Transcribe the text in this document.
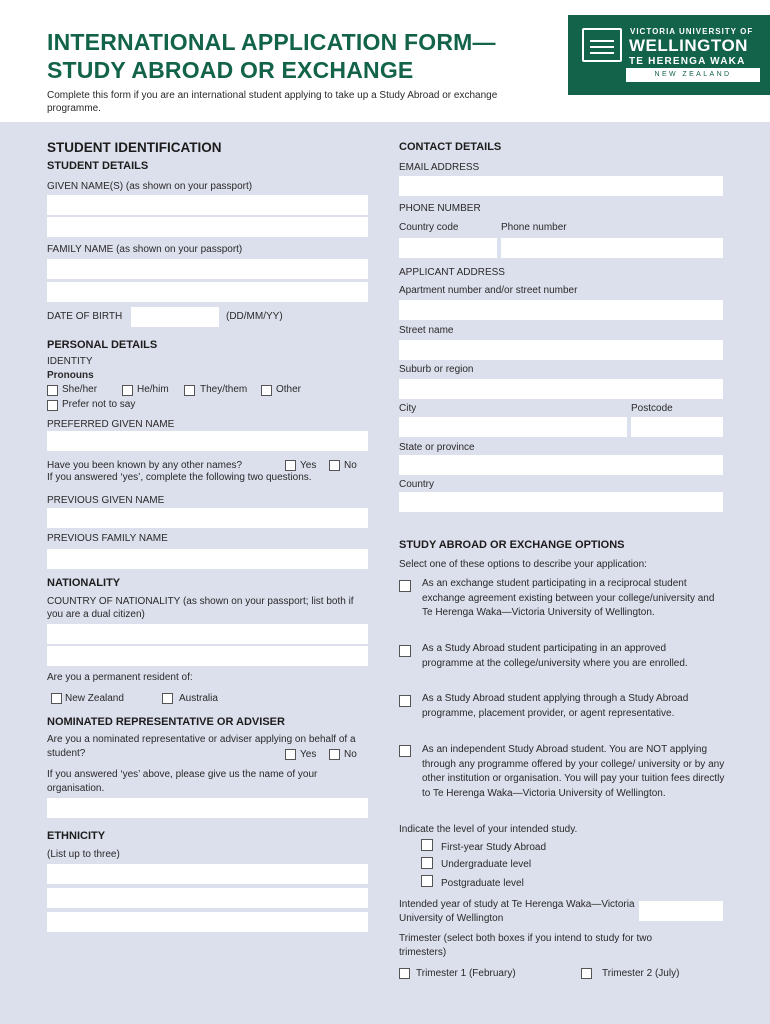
INTERNATIONAL APPLICATION FORM—
STUDY ABROAD OR EXCHANGE
Complete this form if you are an international student applying to take up a Study Abroad or exchange programme.
VICTORIA UNIVERSITY OF
WELLINGTON
TE HERENGA WAKA
NEW ZEALAND
STUDENT IDENTIFICATION
STUDENT DETAILS
GIVEN NAME(S) (as shown on your passport)
FAMILY NAME (as shown on your passport)
DATE OF BIRTH	(DD/MM/YY)
PERSONAL DETAILS
IDENTITY
Pronouns
She/her	He/him	They/them	Other
Prefer not to say
PREFERRED GIVEN NAME
Have you been known by any other names?	Yes	No
If you answered ‘yes’, complete the following two questions.
PREVIOUS GIVEN NAME
PREVIOUS FAMILY NAME
NATIONALITY
COUNTRY OF NATIONALITY (as shown on your passport; list both if you are a dual citizen)
Are you a permanent resident of:
New Zealand	Australia
NOMINATED REPRESENTATIVE OR ADVISER
Are you a nominated representative or adviser applying on behalf of a student?	Yes	No
If you answered ‘yes’ above, please give us the name of your organisation.
ETHNICITY
(List up to three)
CONTACT DETAILS
EMAIL ADDRESS
PHONE NUMBER
Country code	Phone number
APPLICANT ADDRESS
Apartment number and/or street number
Street name
Suburb or region
City	Postcode
State or province
Country
STUDY ABROAD OR EXCHANGE OPTIONS
Select one of these options to describe your application:
As an exchange student participating in a reciprocal student exchange agreement existing between your college/university and Te Herenga Waka—Victoria University of Wellington.
As a Study Abroad student participating in an approved programme at the college/university where you are enrolled.
As a Study Abroad student applying through a Study Abroad programme, placement provider, or agent representative.
As an independent Study Abroad student. You are NOT applying through any programme offered by your college/ university or by any other institution or organisation. You will pay your tuition fees directly to Te Herenga Waka—Victoria University of Wellington.
Indicate the level of your intended study.
First-year Study Abroad
Undergraduate level
Postgraduate level
Intended year of study at Te Herenga Waka—Victoria University of Wellington
Trimester (select both boxes if you intend to study for two trimesters)
Trimester 1 (February)	Trimester 2 (July)
